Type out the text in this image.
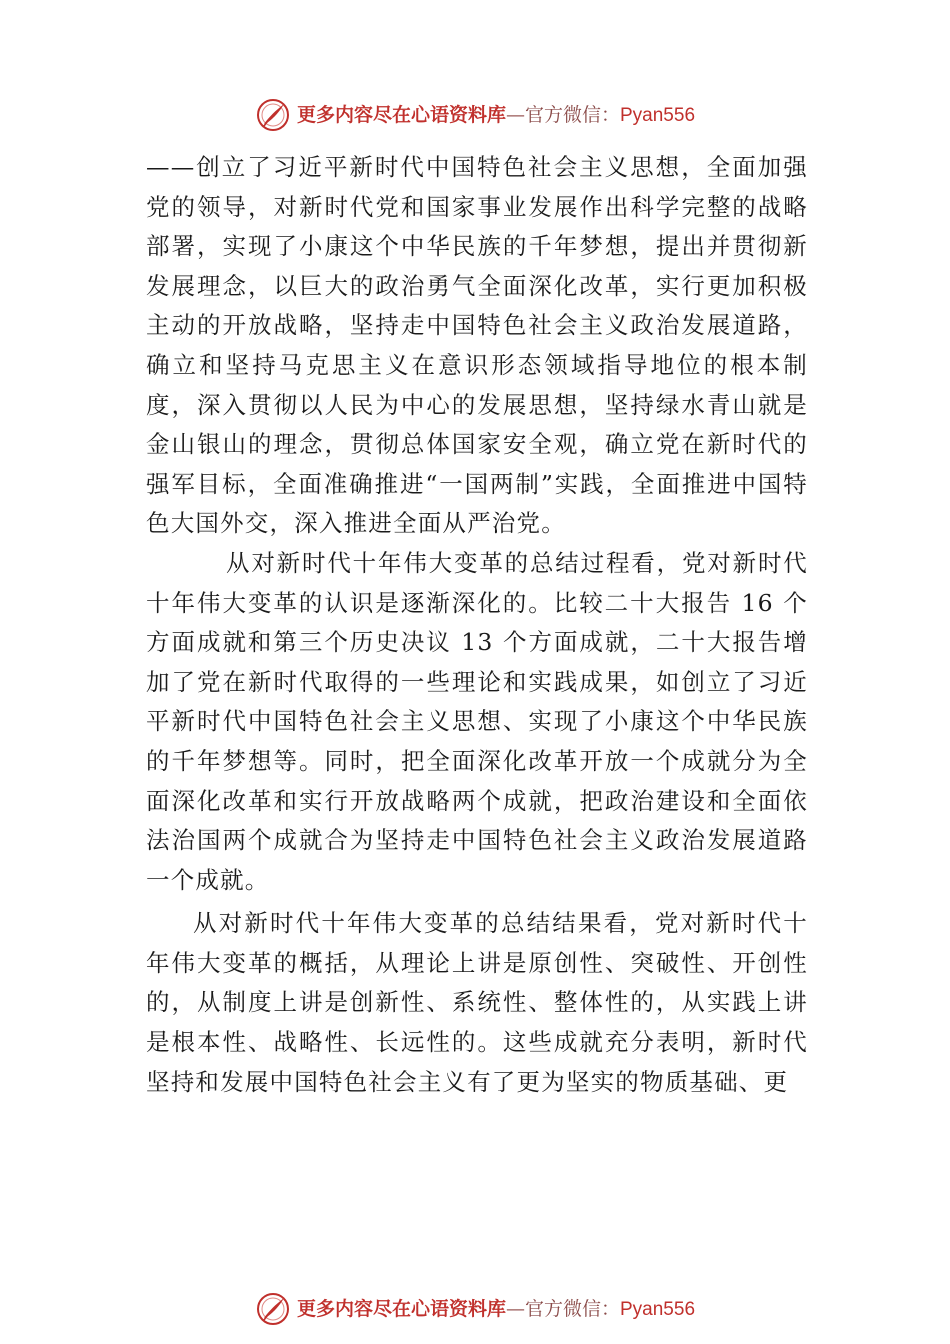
更多内容尽在心语资料库—官方微信：Pyan556

——创立了习近平新时代中国特色社会主义思想，全面加强党的领导，对新时代党和国家事业发展作出科学完整的战略部署，实现了小康这个中华民族的千年梦想，提出并贯彻新发展理念，以巨大的政治勇气全面深化改革，实行更加积极主动的开放战略，坚持走中国特色社会主义政治发展道路， 确立和坚持马克思主义在意识形态领域指导地位的根本制度，深入贯彻以人民为中心的发展思想，坚持绿水青山就是金山银山的理念，贯彻总体国家安全观，确立党在新时代的强军目标，全面准确推进“一国两制”实践，全面推进中国特色大国外交，深入推进全面从严治党。

从对新时代十年伟大变革的总结过程看，党对新时代十年伟大变革的认识是逐渐深化的。比较二十大报告 16 个方面成就和第三个历史决议 13 个方面成就，二十大报告增加了党在新时代取得的一些理论和实践成果，如创立了习近平新时代中国特色社会主义思想、实现了小康这个中华民族的千年梦想等。同时，把全面深化改革开放一个成就分为全面深化改革和实行开放战略两个成就，把政治建设和全面依法治国两个成就合为坚持走中国特色社会主义政治发展道路一个成就。

从对新时代十年伟大变革的总结结果看，党对新时代十年伟大变革的概括，从理论上讲是原创性、突破性、开创性的，从制度上讲是创新性、系统性、整体性的，从实践上讲是根本性、战略性、长远性的。这些成就充分表明，新时代坚持和发展中国特色社会主义有了更为坚实的物质基础、更

更多内容尽在心语资料库—官方微信：Pyan556
